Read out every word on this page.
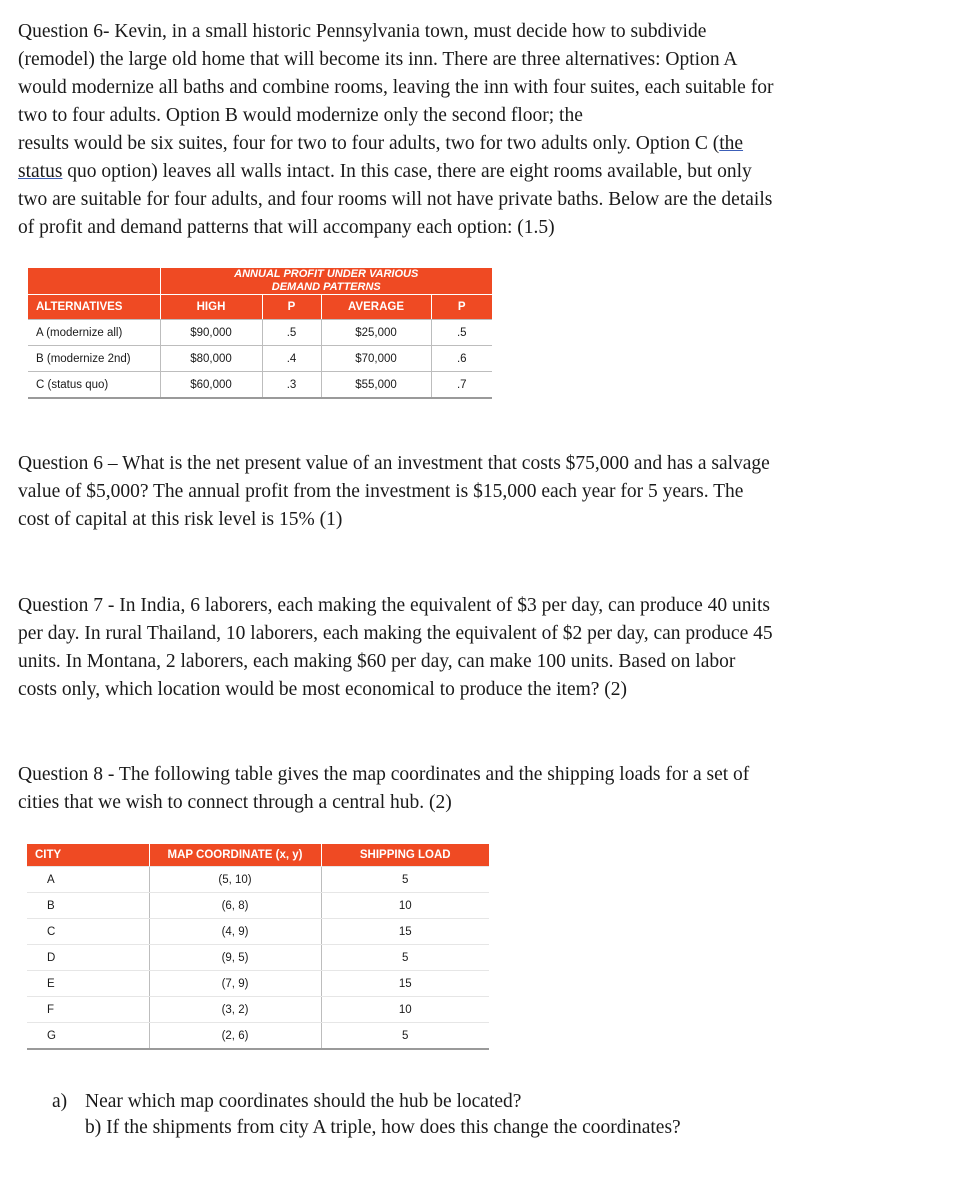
Question 6- Kevin, in a small historic Pennsylvania town, must decide how to subdivide
(remodel) the large old home that will become its inn. There are three alternatives: Option A
would modernize all baths and combine rooms, leaving the inn with four suites, each suitable for
two to four adults. Option B would modernize only the second floor; the
results would be six suites, four for two to four adults, two for two adults only. Option C (the
status quo option) leaves all walls intact. In this case, there are eight rooms available, but only
two are suitable for four adults, and four rooms will not have private baths. Below are the details
of profit and demand patterns that will accompany each option: (1.5)

	ANNUAL PROFIT UNDER VARIOUS
DEMAND PATTERNS			

ALTERNATIVES	HIGH	P	AVERAGE	P
A (modernize all)	$90,000	.5	$25,000	.5
B (modernize 2nd)	$80,000	.4	$70,000	.6
C (status quo)	$60,000	.3	$55,000	.7
Question 6 – What is the net present value of an investment that costs $75,000 and has a salvage
value of $5,000? The annual profit from the investment is $15,000 each year for 5 years. The
cost of capital at this risk level is 15% (1)
Question 7 - In India, 6 laborers, each making the equivalent of $3 per day, can produce 40 units
per day. In rural Thailand, 10 laborers, each making the equivalent of $2 per day, can produce 45
units. In Montana, 2 laborers, each making $60 per day, can make 100 units. Based on labor
costs only, which location would be most economical to produce the item? (2)
Question 8 - The following table gives the map coordinates and the shipping loads for a set of
cities that we wish to connect through a central hub. (2)
CITY	MAP COORDINATE (x, y)	SHIPPING LOAD
A	(5, 10)	5
B	(6, 8)	10
C	(4, 9)	15
D	(9, 5)	5
E	(7, 9)	15
F	(3, 2)	10
G	(2, 6)	5
a) Near which map coordinates should the hub be located?
b) If the shipments from city A triple, how does this change the coordinates?
